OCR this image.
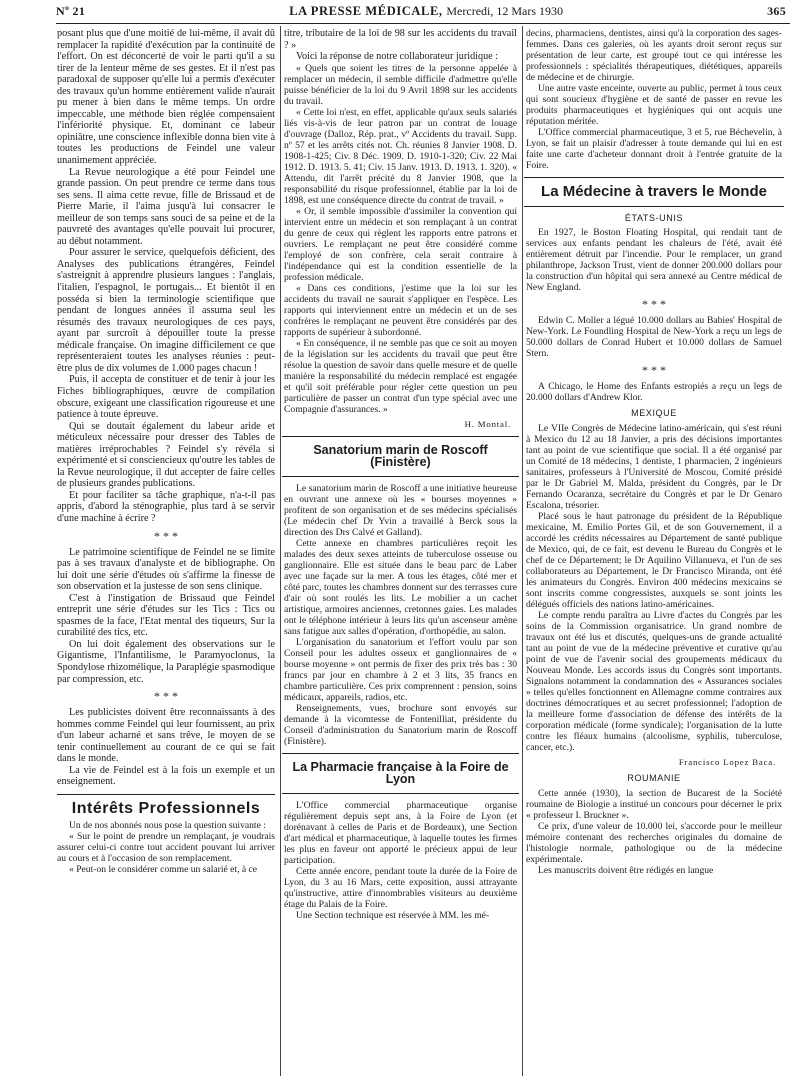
Nº 21	LA PRESSE MÉDICALE, Mercredi, 12 Mars 1930	365

posant plus que d'une moitié de lui-même, il avait dû remplacer la rapidité d'exécution par la continuité de l'effort. On est déconcerté de voir le parti qu'il a su tirer de la lenteur même de ses gestes. Et il n'est pas paradoxal de supposer qu'elle lui a permis d'exécuter des travaux qu'un homme entièrement valide n'aurait pu mener à bien dans le même temps. Un ordre impeccable, une méthode bien réglée compensaient l'infériorité physique. Et, dominant ce labeur opiniâtre, une conscience inflexible donna bien vite à toutes les productions de Feindel une valeur unanimement appréciée.

La Revue neurologique a été pour Feindel une grande passion. On peut prendre ce terme dans tous ses sens. Il aima cette revue, fille de Brissaud et de Pierre Marie, il l'aima jusqu'à lui consacrer le meilleur de son temps sans souci de sa peine et de la pauvreté des avantages qu'elle pouvait lui procurer, au début notamment.

Pour assurer le service, quelquefois déficient, des Analyses des publications étrangères, Feindel s'astreignit à apprendre plusieurs langues : l'anglais, l'italien, l'espagnol, le portugais... Et bientôt il en posséda si bien la terminologie scientifique que pendant de longues années il assuma seul les résumés des travaux neurologiques de ces pays, ayant par surcroît à dépouiller toute la presse médicale française. On imagine difficilement ce que représenteraient toutes les analyses réunies : peut-être plus de dix volumes de 1.000 pages chacun !

Puis, il accepta de constituer et de tenir à jour les Fiches bibliographiques, œuvre de compilation obscure, exigeant une classification rigoureuse et une patience à toute épreuve.

Qui se doutait également du labeur aride et méticuleux nécessaire pour dresser des Tables de matières irréprochables ? Feindel s'y révéla si expérimenté et si consciencieux qu'outre les tables de la Revue neurologique, il dut accepter de faire celles de plusieurs grandes publications.

Et pour faciliter sa tâche graphique, n'a-t-il pas appris, d'abord la sténographie, plus tard à se servir d'une machine à écrire ?

* * *

Le patrimoine scientifique de Feindel ne se limite pas à ses travaux d'analyste et de bibliographe. On lui doit une série d'études où s'affirme la finesse de son observation et la justesse de son sens clinique.

C'est à l'instigation de Brissaud que Feindel entreprit une série d'études sur les Tics : Tics ou spasmes de la face, l'Etat mental des tiqueurs, Sur la curabilité des tics, etc.

On lui doit également des observations sur le Gigantisme, l'Infantilisme, le Paramyoclonus, la Spondylose rhizomélique, la Paraplégie spasmodique par compression, etc.

* * *

Les publicistes doivent être reconnaissants à des hommes comme Feindel qui leur fournissent, au prix d'un labeur acharné et sans trêve, le moyen de se tenir continuellement au courant de ce qui se fait dans le monde.

La vie de Feindel est à la fois un exemple et un enseignement.

Intérêts Professionnels

Un de nos abonnés nous pose la question suivante :

« Sur le point de prendre un remplaçant, je voudrais assurer celui-ci contre tout accident pouvant lui arriver au cours et à l'occasion de son remplacement.

« Peut-on le considérer comme un salarié et, à ce

titre, tributaire de la loi de 98 sur les accidents du travail ? »

Voici la réponse de notre collaborateur juridique :

« Quels que soient les titres de la personne appelée à remplacer un médecin, il semble difficile d'admettre qu'elle puisse bénéficier de la loi du 9 Avril 1898 sur les accidents du travail.

« Cette loi n'est, en effet, applicable qu'aux seuls salariés liés vis-à-vis de leur patron par un contrat de louage d'ouvrage (Dalloz, Rép. prat., vº Accidents du travail. Supp. nº 57 et les arrêts cités not. Ch. réunies 8 Janvier 1908. D. 1908-1-425; Civ. 8 Déc. 1909. D. 1910-1-320; Civ. 22 Mai 1912. D. 1913. 5. 41; Civ. 15 Janv. 1913. D. 1913. 1. 320). « Attendu, dit l'arrêt précité du 8 Janvier 1908, que la responsabilité du risque professionnel, établie par la loi de 1898, est une conséquence directe du contrat de travail. »

« Or, il semble impossible d'assimiler la convention qui intervient entre un médecin et son remplaçant à un contrat du genre de ceux qui règlent les rapports entre patrons et ouvriers. Le remplaçant ne peut être considéré comme l'employé de son confrère, cela serait contraire à l'indépendance qui est la condition essentielle de la profession médicale.

« Dans ces conditions, j'estime que la loi sur les accidents du travail ne saurait s'appliquer en l'espèce. Les rapports qui interviennent entre un médecin et un de ses confrères le remplaçant ne peuvent être considérés par des rapports de supérieur à subordonné.

« En conséquence, il ne semble pas que ce soit au moyen de la législation sur les accidents du travail que peut être résolue la question de savoir dans quelle mesure et de quelle manière la responsabilité du médecin remplacé est engagée et qu'il soit préférable pour régler cette question un peu particulière de passer un contrat d'un type spécial avec une Compagnie d'assurances. »

H. Montal.
Sanatorium marin de Roscoff (Finistère)

Le sanatorium marin de Roscoff a une initiative heureuse en ouvrant une annexe où les « bourses moyennes » profitent de son organisation et de ses médecins spécialisés (Le médecin chef Dr Yvin a travaillé à Berck sous la direction des Drs Calvé et Galland).

Cette annexe en chambres particulières reçoit les malades des deux sexes atteints de tuberculose osseuse ou ganglionnaire. Elle est située dans le beau parc de Laber avec une façade sur la mer. A tous les étages, côté mer et côté parc, toutes les chambres donnent sur des terrasses cure d'air où sont roulés les lits. Le mobilier a un cachet artistique, armoires anciennes, cretonnes gaies. Les malades ont le téléphone intérieur à leurs lits qu'un ascenseur amène sans fatigue aux salles d'opération, d'orthopédie, au salon.

L'organisation du sanatorium et l'effort voulu par son Conseil pour les adultes osseux et ganglionnaires de « bourse moyenne » ont permis de fixer des prix très bas : 30 francs par jour en chambre à 2 et 3 lits, 35 francs en chambre particulière. Ces prix comprennent : pension, soins médicaux, appareils, radios, etc.

Renseignements, vues, brochure sont envoyés sur demande à la vicomtesse de Fontenilliat, présidente du Conseil d'administration du Sanatorium marin de Roscoff (Finistère).

La Pharmacie française à la Foire de Lyon

L'Office commercial pharmaceutique organise régulièrement depuis sept ans, à la Foire de Lyon (et dorénavant à celles de Paris et de Bordeaux), une Section d'art médical et pharmaceutique, à laquelle toutes les firmes les plus en faveur ont apporté le précieux appui de leur participation.

Cette année encore, pendant toute la durée de la Foire de Lyon, du 3 au 16 Mars, cette exposition, aussi attrayante qu'instructive, attire d'innombrables visiteurs au deuxième étage du Palais de la Foire.

Une Section technique est réservée à MM. les mé-

decins, pharmaciens, dentistes, ainsi qu'à la corporation des sages-femmes. Dans ces galeries, où les ayants droit seront reçus sur présentation de leur carte, est groupé tout ce qui intéresse les professionnels : spécialités thérapeutiques, diététiques, appareils de médecine et de chirurgie.

Une autre vaste enceinte, ouverte au public, permet à tous ceux qui sont soucieux d'hygiène et de santé de passer en revue les produits pharmaceutiques et hygiéniques qui ont acquis une réputation méritée.

L'Office commercial pharmaceutique, 3 et 5, rue Béchevelin, à Lyon, se fait un plaisir d'adresser à toute demande qui lui en est faite une carte d'acheteur donnant droit à l'entrée gratuite de la Foire.

La Médecine à travers le Monde
ÉTATS-UNIS

En 1927, le Boston Floating Hospital, qui rendait tant de services aux enfants pendant les chaleurs de l'été, avait été entièrement détruit par l'incendie. Pour le remplacer, un grand philanthrope, Jackson Trust, vient de donner 200.000 dollars pour la construction d'un hôpital qui sera annexé au Centre médical de New England.

* * *

Edwin C. Moller a légué 10.000 dollars au Babies' Hospital de New-York. Le Foundling Hospital de New-York a reçu un legs de 50.000 dollars de Conrad Hubert et 10.000 dollars de Samuel Stern.

* * *

A Chicago, le Home des Enfants estropiés a reçu un legs de 20.000 dollars d'Andrew Klor.

MEXIQUE

Le VIIe Congrès de Médecine latino-américain, qui s'est réuni à Mexico du 12 au 18 Janvier, a pris des décisions importantes tant au point de vue scientifique que social. Il a été organisé par un Comité de 18 médecins, 1 dentiste, 1 pharmacien, 2 ingénieurs sanitaires, professeurs à l'Université de Moscou, Comité présidé par le Dr Gabriel M. Malda, président du Congrès, par le Dr Fernando Ocaranza, secrétaire du Congrès et par le Dr Genaro Escalona, trésorier.

Placé sous le haut patronage du président de la République mexicaine, M. Emilio Portes Gil, et de son Gouvernement, il a accordé les crédits nécessaires au Département de santé publique de Mexico, qui, de ce fait, est devenu le Bureau du Congrès et le chef de ce Département; le Dr Aquilino Villanueva, et l'un de ses collaborateurs au Département, le Dr Francisco Miranda, ont été les animateurs du Congrès. Environ 400 médecins mexicains se sont inscrits comme congressistes, auxquels se sont joints les délégués officiels des nations latino-américaines.

Le compte rendu paraîtra au Livre d'actes du Congrès par les soins de la Commission organisatrice. Un grand nombre de travaux ont été lus et discutés, quelques-uns de grande actualité tant au point de vue de la médecine préventive et curative qu'au point de vue de l'avenir social des groupements médicaux du Nouveau Monde. Les accords issus du Congrès sont importants. Signalons notamment la condamnation des « Assurances sociales » telles qu'elles fonctionnent en Allemagne comme contraires aux doctrines démocratiques et au secret professionnel; l'adoption de la meilleure forme d'association de défense des intérêts de la corporation médicale (forme syndicale); l'organisation de la lutte contre les fléaux humains (alcoolisme, syphilis, tuberculose, cancer, etc.).

Francisco Lopez Baca.
ROUMANIE

Cette année (1930), la section de Bucarest de la Société roumaine de Biologie a institué un concours pour décerner le prix « professeur I. Bruckner ».

Ce prix, d'une valeur de 10.000 lei, s'accorde pour le meilleur mémoire contenant des recherches originales du domaine de l'histologie normale, pathologique ou de la médecine expérimentale.

Les manuscrits doivent être rédigés en langue
